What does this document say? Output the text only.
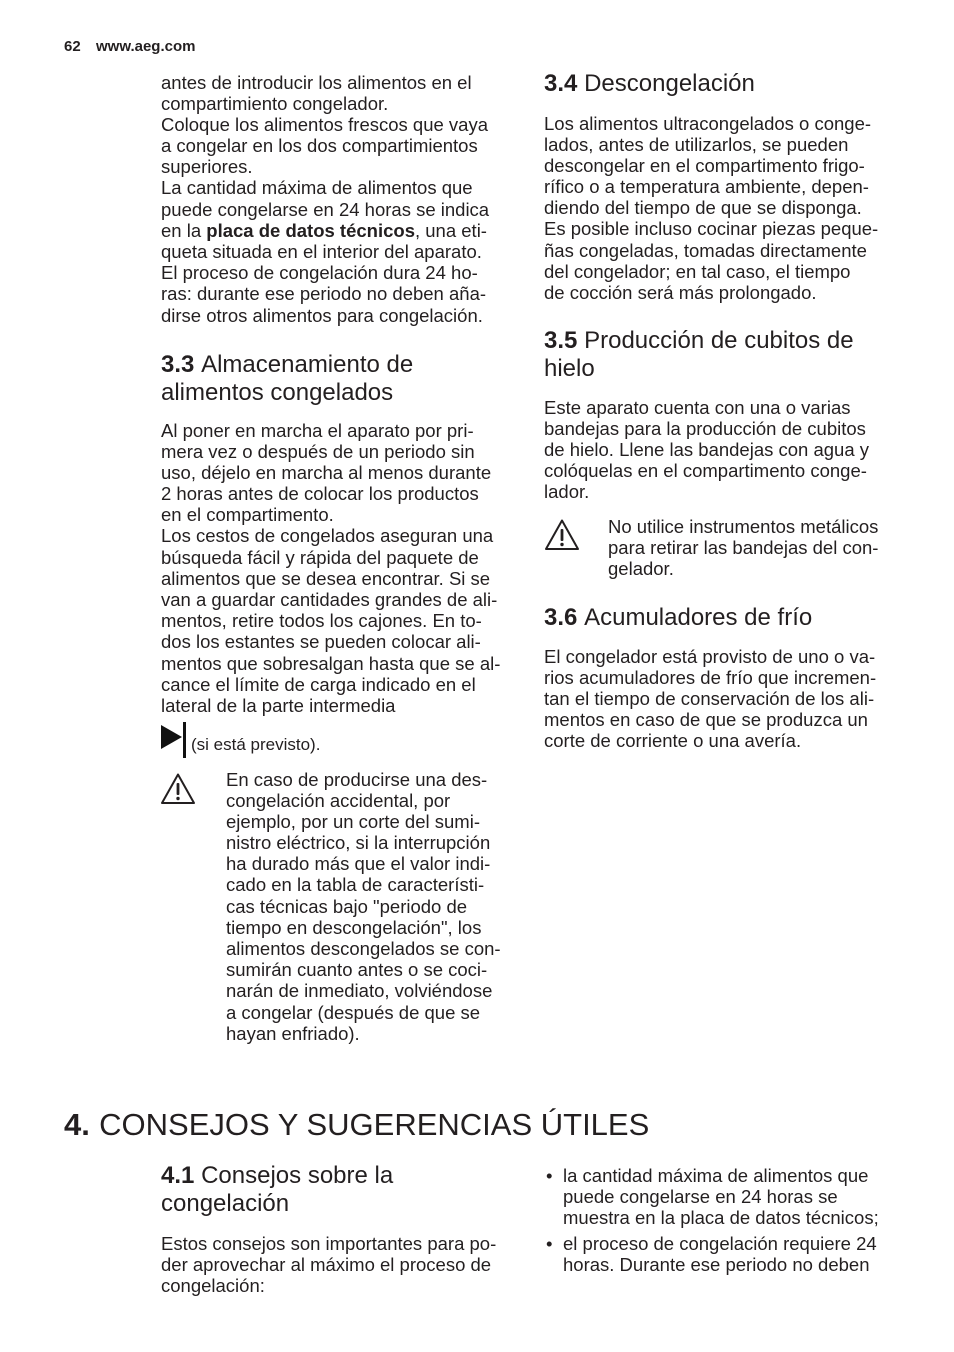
62 www.aeg.com
antes de introducir los alimentos en el
compartimiento congelador.
Coloque los alimentos frescos que vaya
a congelar en los dos compartimientos
superiores.
La cantidad máxima de alimentos que
puede congelarse en 24 horas se indica
en la placa de datos técnicos, una eti-
queta situada en el interior del aparato.
El proceso de congelación dura 24 ho-
ras: durante ese periodo no deben aña-
dirse otros alimentos para congelación.
3.3 Almacenamiento de
alimentos congelados
Al poner en marcha el aparato por pri-
mera vez o después de un periodo sin
uso, déjelo en marcha al menos durante
2 horas antes de colocar los productos
en el compartimento.
Los cestos de congelados aseguran una
búsqueda fácil y rápida del paquete de
alimentos que se desea encontrar. Si se
van a guardar cantidades grandes de ali-
mentos, retire todos los cajones. En to-
dos los estantes se pueden colocar ali-
mentos que sobresalgan hasta que se al-
cance el límite de carga indicado en el
lateral de la parte intermedia
(si está previsto).
En caso de producirse una des-
congelación accidental, por
ejemplo, por un corte del sumi-
nistro eléctrico, si la interrupción
ha durado más que el valor indi-
cado en la tabla de característi-
cas técnicas bajo "periodo de
tiempo en descongelación", los
alimentos descongelados se con-
sumirán cuanto antes o se coci-
narán de inmediato, volviéndose
a congelar (después de que se
hayan enfriado).
3.4 Descongelación
Los alimentos ultracongelados o conge-
lados, antes de utilizarlos, se pueden
descongelar en el compartimento frigo-
rífico o a temperatura ambiente, depen-
diendo del tiempo de que se disponga.
Es posible incluso cocinar piezas peque-
ñas congeladas, tomadas directamente
del congelador; en tal caso, el tiempo
de cocción será más prolongado.
3.5 Producción de cubitos de
hielo
Este aparato cuenta con una o varias
bandejas para la producción de cubitos
de hielo. Llene las bandejas con agua y
colóquelas en el compartimento conge-
lador.
No utilice instrumentos metálicos
para retirar las bandejas del con-
gelador.
3.6 Acumuladores de frío
El congelador está provisto de uno o va-
rios acumuladores de frío que incremen-
tan el tiempo de conservación de los ali-
mentos en caso de que se produzca un
corte de corriente o una avería.
4. CONSEJOS Y SUGERENCIAS ÚTILES
4.1 Consejos sobre la
congelación
Estos consejos son importantes para po-
der aprovechar al máximo el proceso de
congelación:
• la cantidad máxima de alimentos que
puede congelarse en 24 horas se
muestra en la placa de datos técnicos;
• el proceso de congelación requiere 24
horas. Durante ese periodo no deben
